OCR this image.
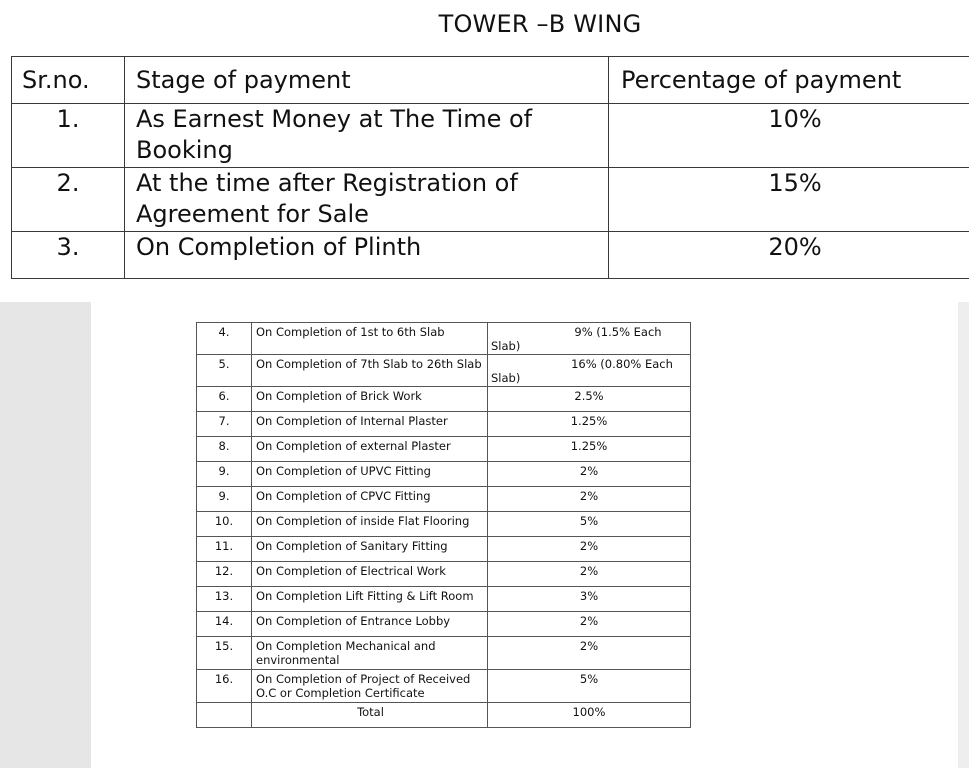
TOWER –B WING
Sr.no.	Stage of payment	Percentage of payment
1.	As Earnest Money at The Time of Booking	10%
2.	At the time after Registration of Agreement for Sale	15%
3.	On Completion of Plinth	20%
4.	On Completion of 1st to 6th Slab	9% (1.5% Each
Slab)

5.	On Completion of 7th Slab to 26th Slab	16% (0.80% Each
Slab)

6.	On Completion of Brick Work	2.5%
7.	On Completion of Internal Plaster	1.25%
8.	On Completion of external Plaster	1.25%
9.	On Completion of UPVC Fitting	2%
9.	On Completion of CPVC Fitting	2%
10.	On Completion of inside Flat Flooring	5%
11.	On Completion of Sanitary Fitting	2%
12.	On Completion of Electrical Work	2%
13.	On Completion Lift Fitting & Lift Room	3%
14.	On Completion of Entrance Lobby	2%
15.	On Completion Mechanical and environmental	2%
16.	On Completion of Project of Received O.C or Completion Certificate	5%
	Total	100%
